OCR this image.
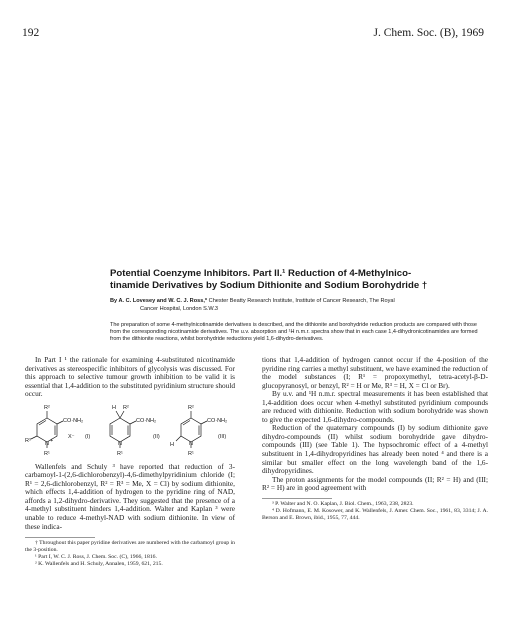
192	J. Chem. Soc. (B), 1969
Potential Coenzyme Inhibitors. Part II.¹ Reduction of 4-Methylnico-
tinamide Derivatives by Sodium Dithionite and Sodium Borohydride †

By A. C. Lovesey and W. C. J. Ross,* Chester Beatty Research Institute, Institute of Cancer Research, The Royal
Cancer Hospital, London S.W.3

The preparation of some 4-methylnicotinamide derivatives is described, and the dithionite and borohydride reduction products are compared with those from the corresponding nicotinamide derivatives. The u.v. absorption and ¹H n.m.r. spectra show that in each case 1,4-dihydronicotinamides are formed from the dithionite reactions, whilst borohydride reductions yield 1,6-dihydro-derivatives.

In Part I ¹ the rationale for examining 4-substituted nicotinamide derivatives as stereospecific inhibitors of glycolysis was discussed. For this approach to selective tumour growth inhibition to be valid it is essential that 1,4-addition to the substituted pyridinium structure should occur.

R²
CO·NH₂
R³	N +
R¹
X⁻ (I)
H R²
CO·NH₂
N
R¹
(II)
R²
CO·NH₂
H	N
R¹
(III)

Wallenfels and Schuly ³ have reported that reduction of 3-carbamoyl-1-(2,6-dichlorobenzyl)-4,6-dimethylpyridinium chloride (I; R¹ = 2,6-dichlorobenzyl, R² = R³ = Me, X = Cl) by sodium dithionite, which effects 1,4-addition of hydrogen to the pyridine ring of NAD, affords a 1,2-dihydro-derivative. They suggested that the presence of a 4-methyl substituent hinders 1,4-addition. Walter and Kaplan ³ were unable to reduce 4-methyl-NAD with sodium dithionite. In view of these indica-

† Throughout this paper pyridine derivatives are numbered with the carbamoyl group in the 3-position.

¹ Part I, W. C. J. Ross, J. Chem. Soc. (C), 1966, 1816.

² K. Wallenfels and H. Schuly, Annalen, 1959, 621, 215.

tions that 1,4-addition of hydrogen cannot occur if the 4-position of the pyridine ring carries a methyl substituent, we have examined the reduction of the model substances (I; R¹ = propoxymethyl, tetra-acetyl-β-D-glucopyranosyl, or benzyl, R² = H or Me, R³ = H, X = Cl or Br).

By u.v. and ¹H n.m.r. spectral measurements it has been established that 1,4-addition does occur when 4-methyl substituted pyridinium compounds are reduced with dithionite. Reduction with sodium borohydride was shown to give the expected 1,6-dihydro-compounds.

Reduction of the quaternary compounds (I) by sodium dithionite gave dihydro-compounds (II) whilst sodium borohydride gave dihydro-compounds (III) (see Table 1). The hypsochromic effect of a 4-methyl substituent in 1,4-dihydropyridines has already been noted ⁴ and there is a similar but smaller effect on the long wavelength band of the 1,6-dihydropyridines.

The proton assignments for the model compounds (II; R² = H) and (III; R² = H) are in good agreement with

³ P. Walter and N. O. Kaplan, J. Biol. Chem., 1963, 238, 2823.

⁴ D. Hofmann, E. M. Kosower, and K. Wallenfels, J. Amer. Chem. Soc., 1961, 83, 3314; J. A. Berson and E. Brown, ibid., 1955, 77, 444.
